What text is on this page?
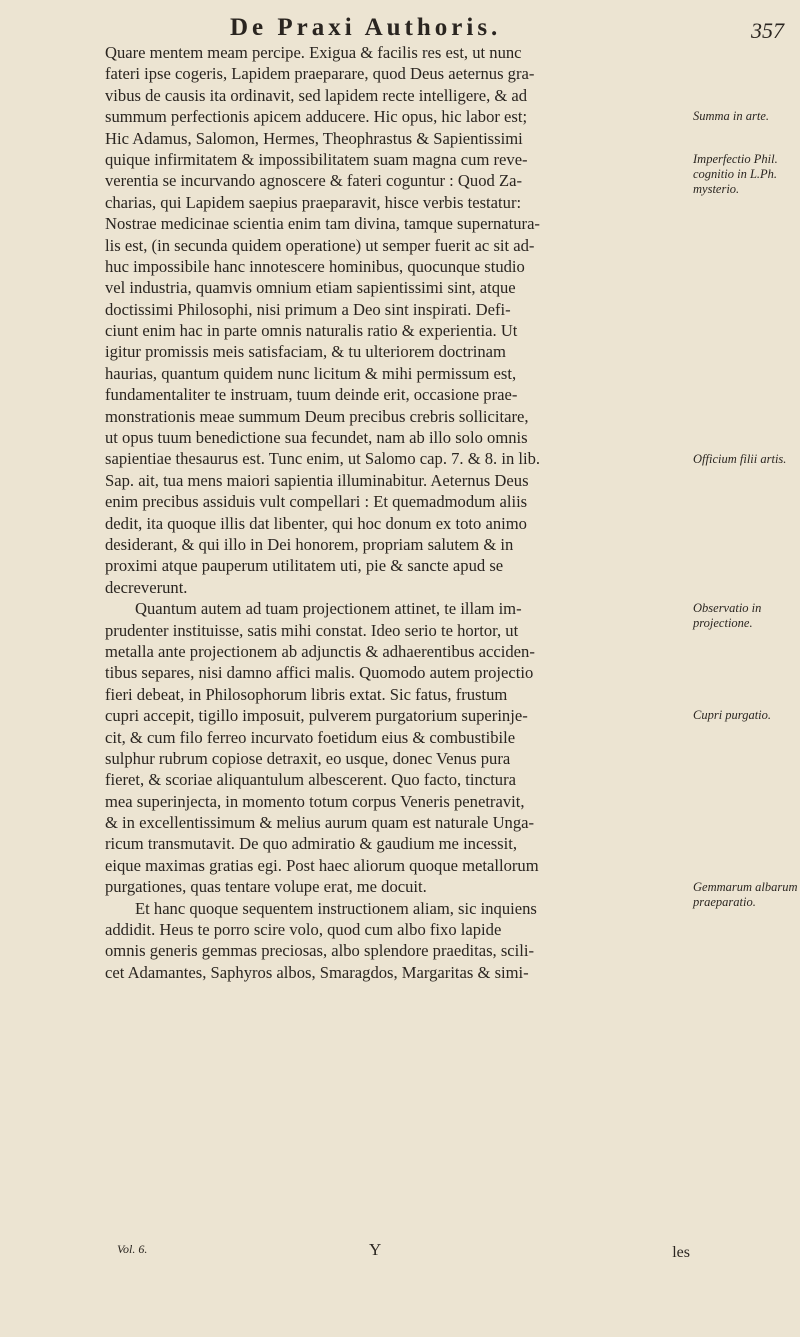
De Praxi Authoris.	357
Quare mentem meam percipe. Exigua & facilis res est, ut nunc
fateri ipse cogeris, Lapidem praeparare, quod Deus aeternus gra-
vibus de causis ita ordinavit, sed lapidem recte intelligere, & ad
summum perfectionis apicem adducere. Hic opus, hic labor est;
Hic Adamus, Salomon, Hermes, Theophrastus & Sapientissimi
quique infirmitatem & impossibilitatem suam magna cum reve-
verentia se incurvando agnoscere & fateri coguntur : Quod Za-
charias, qui Lapidem saepius praeparavit, hisce verbis testatur:
Nostrae medicinae scientia enim tam divina, tamque supernatura-
lis est, (in secunda quidem operatione) ut semper fuerit ac sit ad-
huc impossibile hanc innotescere hominibus, quocunque studio
vel industria, quamvis omnium etiam sapientissimi sint, atque
doctissimi Philosophi, nisi primum a Deo sint inspirati. Defi-
ciunt enim hac in parte omnis naturalis ratio & experientia. Ut
igitur promissis meis satisfaciam, & tu ulteriorem doctrinam
haurias, quantum quidem nunc licitum & mihi permissum est,
fundamentaliter te instruam, tuum deinde erit, occasione prae-
monstrationis meae summum Deum precibus crebris sollicitare,
ut opus tuum benedictione sua fecundet, nam ab illo solo omnis
sapientiae thesaurus est. Tunc enim, ut Salomo cap. 7. & 8. in lib.
Sap. ait, tua mens maiori sapientia illuminabitur. Aeternus Deus
enim precibus assiduis vult compellari : Et quemadmodum aliis
dedit, ita quoque illis dat libenter, qui hoc donum ex toto animo
desiderant, & qui illo in Dei honorem, propriam salutem & in
proximi atque pauperum utilitatem uti, pie & sancte apud se
decreverunt.
Quantum autem ad tuam projectionem attinet, te illam im-
prudenter instituisse, satis mihi constat. Ideo serio te hortor, ut
metalla ante projectionem ab adjunctis & adhaerentibus acciden-
tibus separes, nisi damno affici malis. Quomodo autem projectio
fieri debeat, in Philosophorum libris extat. Sic fatus, frustum
cupri accepit, tigillo imposuit, pulverem purgatorium superinje-
cit, & cum filo ferreo incurvato foetidum eius & combustibile
sulphur rubrum copiose detraxit, eo usque, donec Venus pura
fieret, & scoriae aliquantulum albescerent. Quo facto, tinctura
mea superinjecta, in momento totum corpus Veneris penetravit,
& in excellentissimum & melius aurum quam est naturale Unga-
ricum transmutavit. De quo admiratio & gaudium me incessit,
eique maximas gratias egi. Post haec aliorum quoque metallorum
purgationes, quas tentare volupe erat, me docuit.
Et hanc quoque sequentem instructionem aliam, sic inquiens
addidit. Heus te porro scire volo, quod cum albo fixo lapide
omnis generis gemmas preciosas, albo splendore praeditas, scili-
cet Adamantes, Saphyros albos, Smaragdos, Margaritas & simi-
Summa in arte.
Imperfectio Phil. cognitio in L.Ph. mysterio.
Officium filii artis.
Observatio in projectione.
Cupri purgatio.
Gemmarum albarum praeparatio.
Vol. 6.	Y	les
